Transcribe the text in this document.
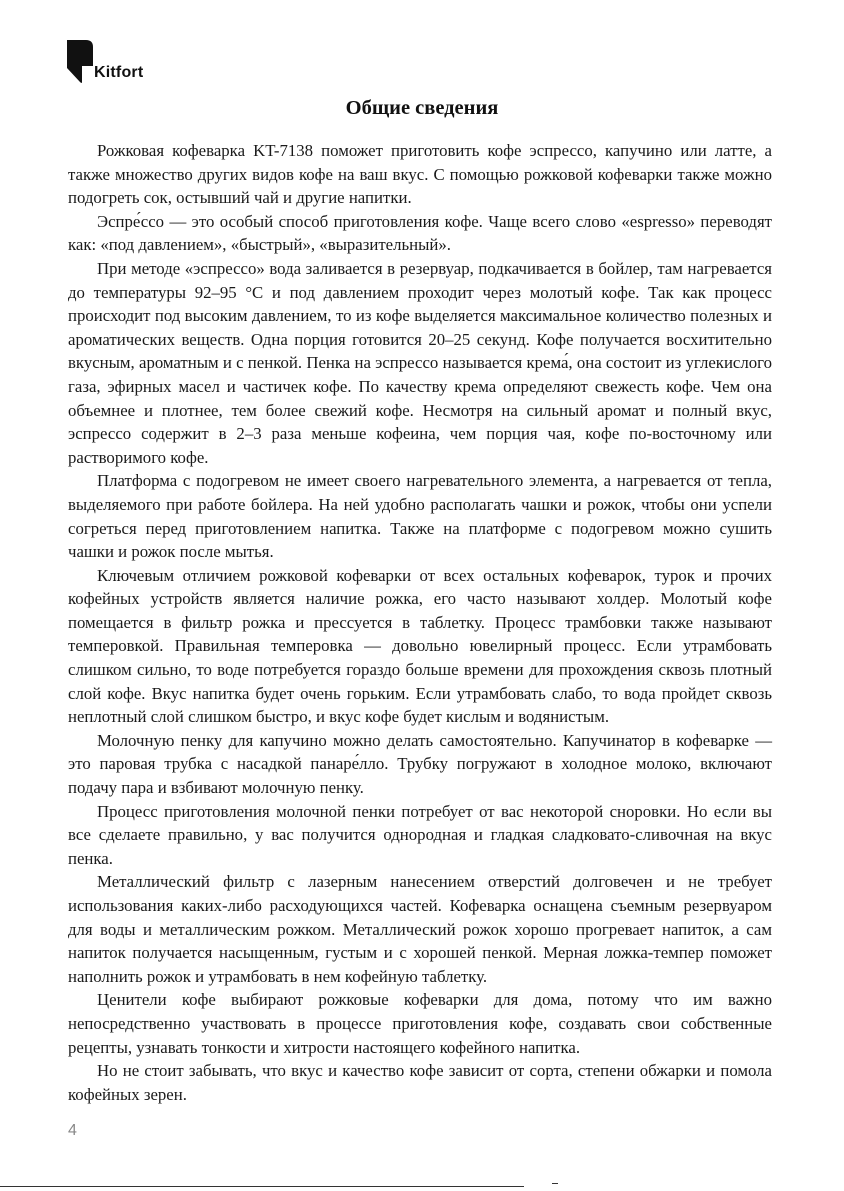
Kitfort
Общие сведения

Рожковая кофеварка KT-7138 поможет приготовить кофе эспрессо, капучино или латте, а также множество других видов кофе на ваш вкус. С помощью рожковой кофеварки также можно подогреть сок, остывший чай и другие напитки.

Эспре́ссо — это особый способ приготовления кофе. Чаще всего слово «espresso» переводят как: «под давлением», «быстрый», «выразительный».

При методе «эспрессо» вода заливается в резервуар, подкачивается в бойлер, там нагревается до температуры 92–95 °C и под давлением проходит через молотый кофе. Так как процесс происходит под высоким давлением, то из кофе выделяется максимальное количество полезных и ароматических веществ. Одна порция готовится 20–25 секунд. Кофе получается восхитительно вкусным, ароматным и с пенкой. Пенка на эспрессо называется крема́, она состоит из углекислого газа, эфирных масел и частичек кофе. По качеству крема определяют свежесть кофе. Чем она объемнее и плотнее, тем более свежий кофе. Несмотря на сильный аромат и полный вкус, эспрессо содержит в 2–3 раза меньше кофеина, чем порция чая, кофе по-восточному или растворимого кофе.

Платформа с подогревом не имеет своего нагревательного элемента, а нагревается от тепла, выделяемого при работе бойлера. На ней удобно располагать чашки и рожок, чтобы они успели согреться перед приготовлением напитка. Также на платформе с подогревом можно сушить чашки и рожок после мытья.

Ключевым отличием рожковой кофеварки от всех остальных кофеварок, турок и прочих кофейных устройств является наличие рожка, его часто называют холдер. Молотый кофе помещается в фильтр рожка и прессуется в таблетку. Процесс трамбовки также называют темперовкой. Правильная темперовка — довольно ювелирный процесс. Если утрамбовать слишком сильно, то воде потребуется гораздо больше времени для прохождения сквозь плотный слой кофе. Вкус напитка будет очень горьким. Если утрамбовать слабо, то вода пройдет сквозь неплотный слой слишком быстро, и вкус кофе будет кислым и водянистым.

Молочную пенку для капучино можно делать самостоятельно. Капучинатор в кофеварке — это паровая трубка с насадкой панаре́лло. Трубку погружают в холодное молоко, включают подачу пара и взбивают молочную пенку.

Процесс приготовления молочной пенки потребует от вас некоторой сноровки. Но если вы все сделаете правильно, у вас получится однородная и гладкая сладковато-сливочная на вкус пенка.

Металлический фильтр с лазерным нанесением отверстий долговечен и не требует использования каких-либо расходующихся частей. Кофеварка оснащена съемным резервуаром для воды и металлическим рожком. Металлический рожок хорошо прогревает напиток, а сам напиток получается насыщенным, густым и с хорошей пенкой. Мерная ложка-темпер поможет наполнить рожок и утрамбовать в нем кофейную таблетку.

Ценители кофе выбирают рожковые кофеварки для дома, потому что им важно непосредственно участвовать в процессе приготовления кофе, создавать свои собственные рецепты, узнавать тонкости и хитрости настоящего кофейного напитка.

Но не стоит забывать, что вкус и качество кофе зависит от сорта, степени обжарки и помола кофейных зерен.

4
